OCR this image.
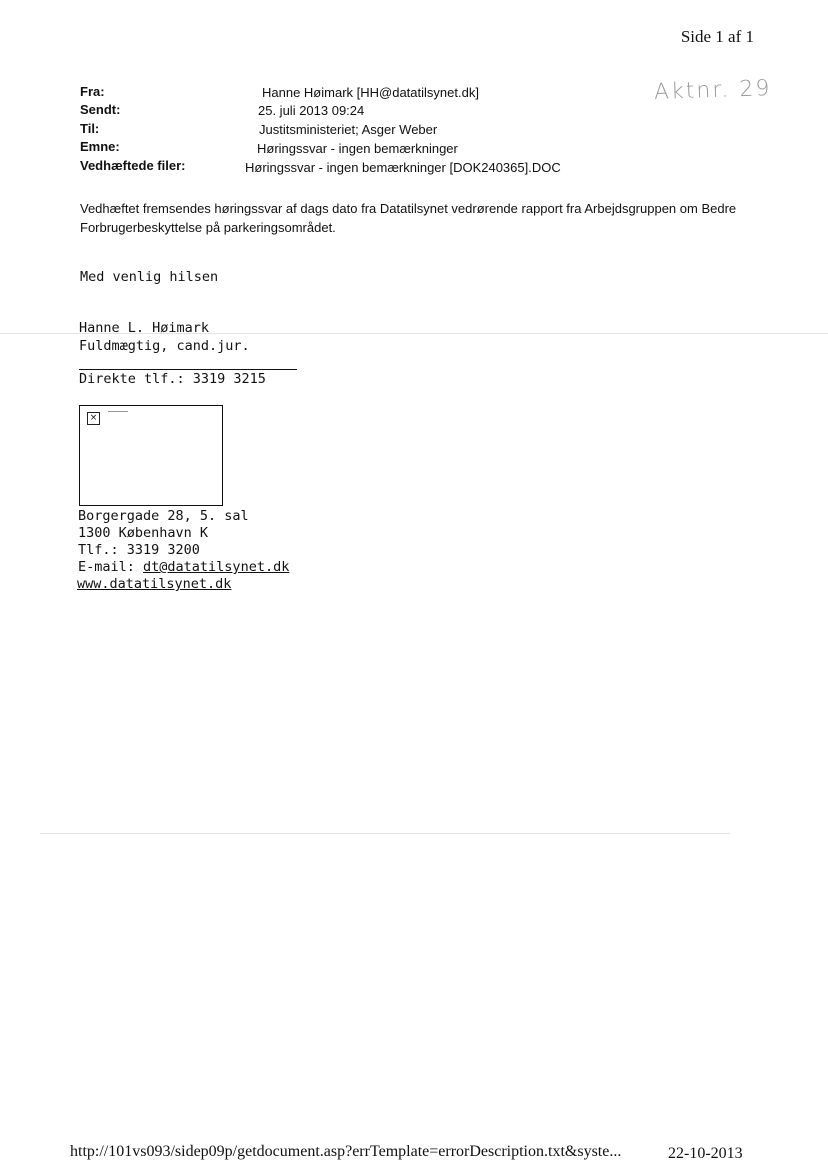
Side 1 af 1
Aktnr. 29
Fra:	Hanne Høimark [HH@datatilsynet.dk]
Sendt:	25. juli 2013 09:24
Til:	Justitsministeriet; Asger Weber
Emne:	Høringssvar - ingen bemærkninger
Vedhæftede filer:	Høringssvar - ingen bemærkninger [DOK240365].DOC
Vedhæftet fremsendes høringssvar af dags dato fra Datatilsynet vedrørende rapport fra Arbejdsgruppen om Bedre Forbrugerbeskyttelse på parkeringsområdet.
Med venlig hilsen
Hanne L. Høimark
Fuldmægtig, cand.jur.
Direkte tlf.: 3319 3215
×
Borgergade 28, 5. sal
1300 København K
Tlf.: 3319 3200
E-mail: dt@datatilsynet.dk
www.datatilsynet.dk
http://101vs093/sidep09p/getdocument.asp?errTemplate=errorDescription.txt&syste...	22-10-2013
